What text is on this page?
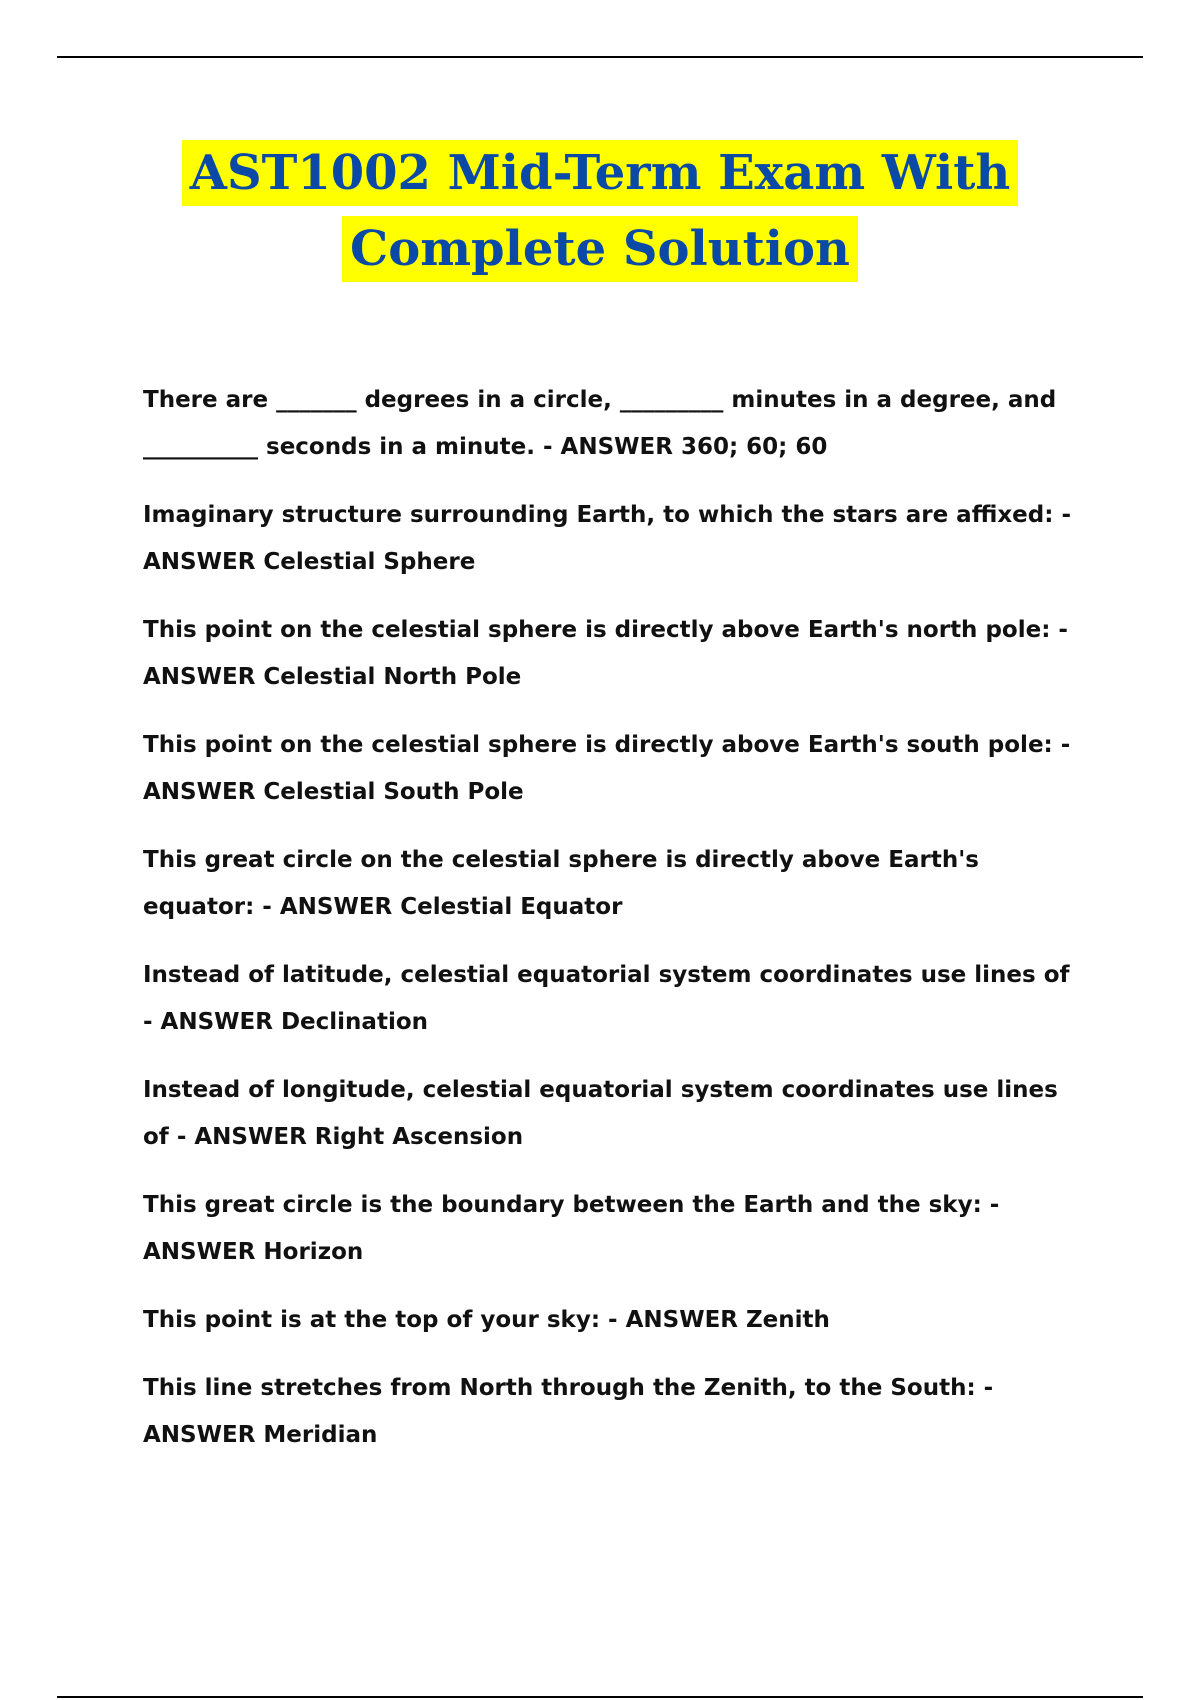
AST1002 Mid-Term Exam With
Complete Solution

There are _______ degrees in a circle, _________ minutes in a degree, and __________ seconds in a minute. - ANSWER 360; 60; 60

Imaginary structure surrounding Earth, to which the stars are affixed: - ANSWER Celestial Sphere

This point on the celestial sphere is directly above Earth's north pole: - ANSWER Celestial North Pole

This point on the celestial sphere is directly above Earth's south pole: - ANSWER Celestial South Pole

This great circle on the celestial sphere is directly above Earth's equator: - ANSWER Celestial Equator

Instead of latitude, celestial equatorial system coordinates use lines of - ANSWER Declination

Instead of longitude, celestial equatorial system coordinates use lines of - ANSWER Right Ascension

This great circle is the boundary between the Earth and the sky: - ANSWER Horizon

This point is at the top of your sky: - ANSWER Zenith

This line stretches from North through the Zenith, to the South: - ANSWER Meridian
